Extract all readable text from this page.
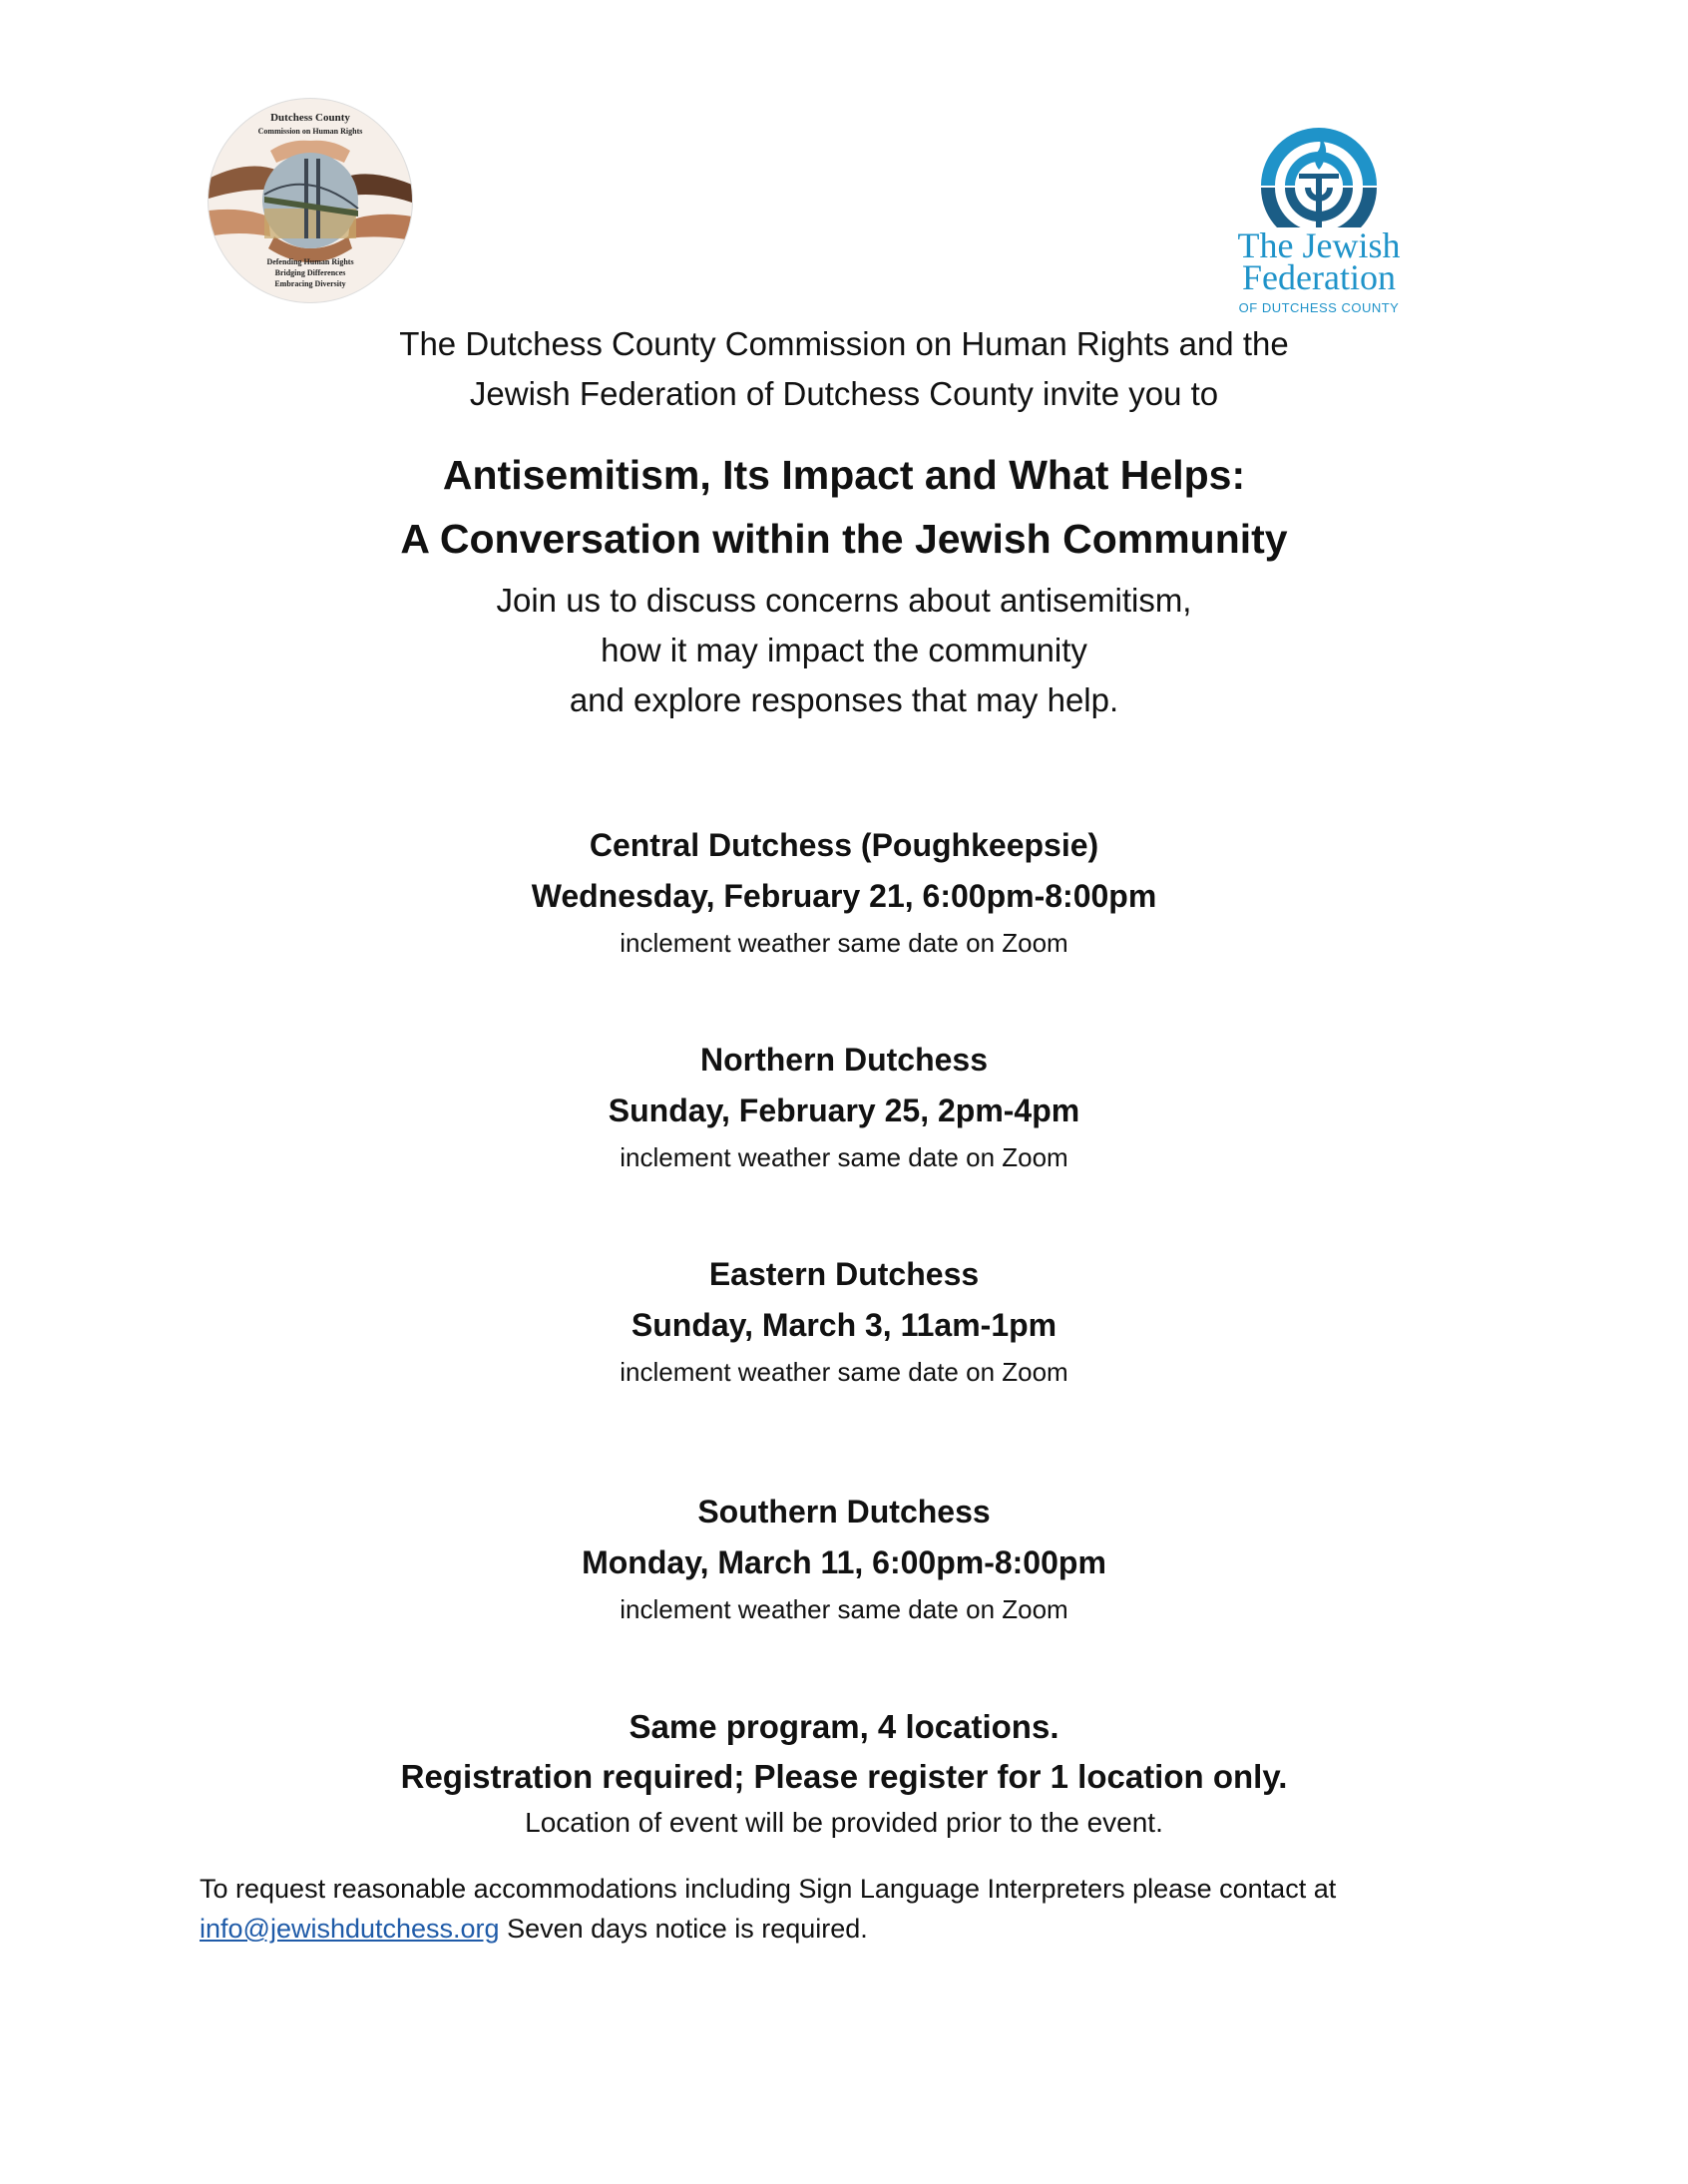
Dutchess County
Commission on Human Rights
Defending Human Rights
Bridging Differences
Embracing Diversity
The Jewish
Federation
OF DUTCHESS COUNTY
The Dutchess County Commission on Human Rights and the
Jewish Federation of Dutchess County invite you to
Antisemitism, Its Impact and What Helps:
A Conversation within the Jewish Community
Join us to discuss concerns about antisemitism,
how it may impact the community
and explore responses that may help.
Central Dutchess (Poughkeepsie)
Wednesday, February 21, 6:00pm-8:00pm
inclement weather same date on Zoom
Northern Dutchess
Sunday, February 25, 2pm-4pm
inclement weather same date on Zoom
Eastern Dutchess
Sunday, March 3, 11am-1pm
inclement weather same date on Zoom
Southern Dutchess
Monday, March 11, 6:00pm-8:00pm
inclement weather same date on Zoom
Same program, 4 locations.
Registration required; Please register for 1 location only.
Location of event will be provided prior to the event.
To request reasonable accommodations including Sign Language Interpreters please contact at
info@jewishdutchess.org Seven days notice is required.
